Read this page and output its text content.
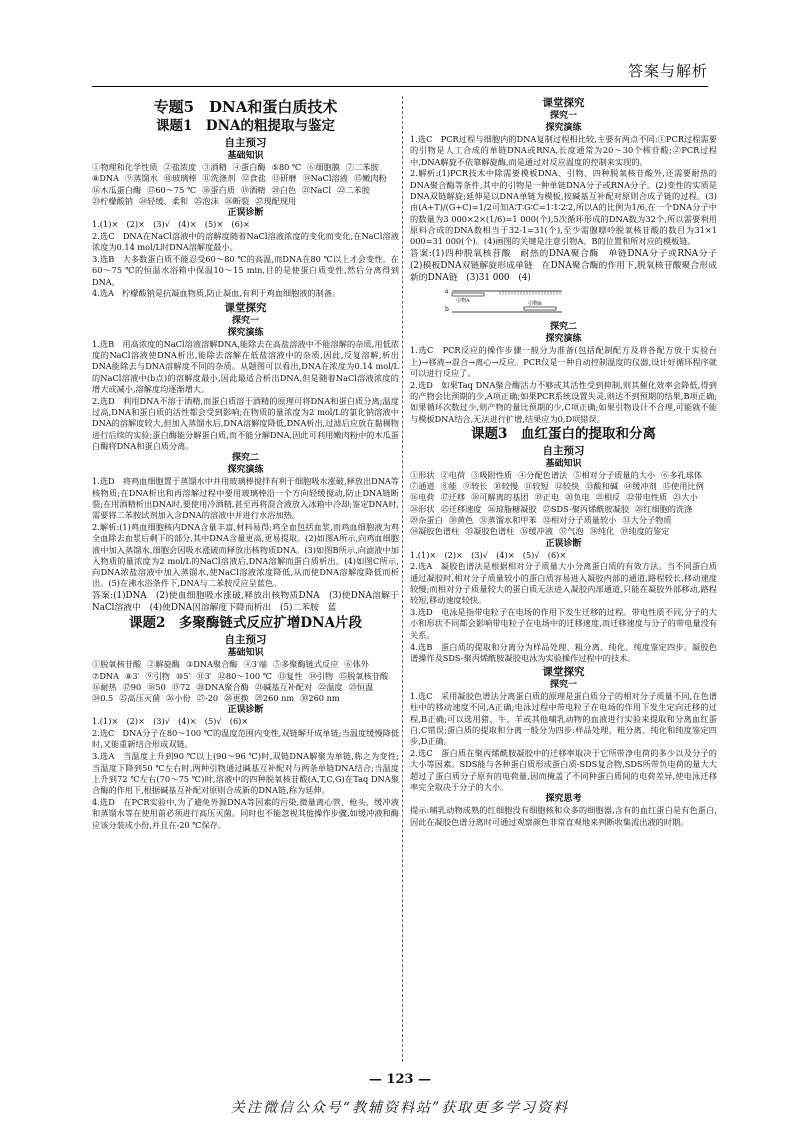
答案与解析
专题5　DNA和蛋白质技术
课题1　DNA的粗提取与鉴定
自主预习
基础知识
①物理和化学性质 ②盐浓度 ③酒精 ④蛋白酶 ⑤80 ℃ ⑥细胞膜 ⑦二苯胺
⑧DNA ⑨蒸馏水 ⑩玻璃棒 ⑪洗涤剂 ⑫食盐 ⑬研磨 ⑭NaCl溶液 ⑮嫩肉粉
⑯木瓜蛋白酶 ⑰60～75 ℃ ⑱蛋白质 ⑲酒精 ⑳白色 ㉑NaCl ㉒二苯胺
㉓柠檬酸钠 ㉔轻缓、柔和 ㉕泡沫 ㉖断裂 ㉗现配现用
正误诊断

1.(1)×　(2)×　(3)√　(4)×　(5)×　(6)×

2.选C　DNA在NaCl溶液中的溶解度随着NaCl溶液浓度的变化而变化,在NaCl溶液浓度为0.14 mol/L时DNA溶解度最小。

3.选B　大多数蛋白质不能忍受60～80 ℃的高温,而DNA在80 ℃以上才会变性。在60～75 ℃的恒温水浴箱中保温10～15 min,目的是使蛋白质变性,然后分离得到DNA。

4.选A　柠檬酸钠是抗凝血物质,防止凝血,有利于鸡血细胞液的制备。

课堂探究
探究一
探究演练

1.选B　用高浓度的NaCl溶液溶解DNA,能除去在高盐溶液中不能溶解的杂质,用低浓度的NaCl溶液使DNA析出,能除去溶解在低盐溶液中的杂质,因此,反复溶解,析出DNA能除去与DNA溶解度不同的杂质。从题图可以看出,DNA在浓度为0.14 mol/L的NaCl溶液中(b点)的溶解度最小,因此最适合析出DNA,但是随着NaCl溶液浓度的增大或减小,溶解度均逐渐增大。

2.选D　利用DNA不溶于酒精,而蛋白质溶于酒精的原理可将DNA和蛋白质分离;温度过高,DNA和蛋白质的活性都会受到影响;在物质的量浓度为2 mol/L的氯化钠溶液中DNA的溶解度较大,但加入蒸馏水后,DNA溶解度降低,DNA析出,过滤后应放在黏稠物进行后续的实验;蛋白酶能分解蛋白质,而不能分解DNA,因此可利用嫩肉粉中的木瓜蛋白酶将DNA和蛋白质分离。

探究二
探究演练

1.选D　将鸡血细胞置于蒸馏水中并用玻璃棒搅拌有利于细胞吸水涨破,释放出DNA等核物质;在DNA析出和再溶解过程中要用玻璃棒沿一个方向轻缓搅动,防止DNA链断裂;在用酒精析出DNA时,要使用冷酒精,甚至再将混合液放入冰箱中冷却;鉴定DNA时,需要将二苯胺试剂加入含DNA的溶液中并进行水浴加热。

2.解析:(1)鸡血细胞核内DNA含量丰富,材料易得;鸡全血包括血浆,而鸡血细胞液为鸡全血除去血浆后剩下的部分,其中DNA含量更高,更易提取。(2)如图A所示,向鸡血细胞液中加入蒸馏水,细胞会因吸水涨破而释放出核物质DNA。(3)如图B所示,向滤液中加入物质的量浓度为2 mol/L的NaCl溶液后,DNA溶解而蛋白质析出。(4)如图C所示,向DNA浓盐溶液中加入蒸馏水,使NaCl溶液浓度降低,从而使DNA溶解度降低而析出。(5)在沸水浴条件下,DNA与二苯胺反应呈蓝色。

答案:(1)DNA　(2)使血细胞吸水涨破,释放出核物质DNA　(3)使DNA溶解于NaCl溶液中　(4)使DNA因溶解度下降而析出　(5)二苯胺　蓝

课题2　多聚酶链式反应扩增DNA片段
自主预习
基础知识
①脱氧核苷酸 ②解旋酶 ③DNA聚合酶 ④3′端 ⑤多聚酶链式反应 ⑥体外
⑦DNA ⑧3′ ⑨引物 ⑩5′ ⑪3′ ⑫80～100 ℃ ⑬复性 ⑭引物 ⑮脱氧核苷酸
⑯耐热 ⑰90 ⑱50 ⑲72 ⑳DNA聚合酶 ㉑碱基互补配对 ㉒温度 ㉓恒温
㉔0.5 ㉕高压灭菌 ㉖小份 ㉗-20 ㉘更换 ㉙260 nm ㉚260 nm
正误诊断

1.(1)×　(2)×　(3)√　(4)×　(5)√　(6)×

2.选C　DNA分子在80～100 ℃的温度范围内变性,双链解开成单链;当温度缓慢降低时,又能重新结合形成双链。

3.选A　当温度上升到90 ℃以上(90～96 ℃)时,双链DNA解聚为单链,称之为变性;当温度下降到50 ℃左右时,两种引物通过碱基互补配对与两条单链DNA结合;当温度上升到72 ℃左右(70～75 ℃)时,溶液中的四种脱氧核苷酸(A,T,C,G)在Taq DNA聚合酶的作用下,根据碱基互补配对原则合成新的DNA链,称为延伸。

4.选D　在PCR实验中,为了避免外源DNA等因素的污染,微量离心管、枪头、缓冲液和蒸馏水等在使用前必须进行高压灭菌。同时也不能忽视其他操作步骤,如缓冲液和酶应该分装成小份,并且在-20 ℃保存。

课堂探究
探究一
探究演练

1.选C　PCR过程与细胞内的DNA复制过程相比较,主要有两点不同:①PCR过程需要的引物是人工合成的单链DNA或RNA,长度通常为20～30个核苷酸;②PCR过程中,DNA解旋不依靠解旋酶,而是通过对反应温度的控制来实现的。

2.解析:(1)PCR技术中除需要模板DNA、引物、四种脱氧核苷酸外,还需要耐热的DNA聚合酶等条件,其中的引物是一种单链DNA分子或RNA分子。(2)变性的实质是DNA双链解旋;延伸是以DNA单链为模板,按碱基互补配对原则合成子链的过程。(3)由(A+T)/(G+C)=1/2可知A∶T∶G∶C=1∶1∶2∶2,所以A的比例为1/6,在一个DNA分子中的数量为3 000×2×(1/6)=1 000(个),5次循环形成的DNA数为32个,所以需要利用原料合成的DNA数相当于32-1=31(个),至少需腺嘌呤脱氧核苷酸的数目为31×1 000=31 000(个)。(4)画图的关键是注意引物A、B的位置和所对应的模板链。

答案:(1)四种脱氧核苷酸　耐热的DNA聚合酶　单链DNA分子或RNA分子　(2)模板DNA双链解旋形成单链　在DNA聚合酶的作用下,脱氧核苷酸聚合形成新的DNA链　(3)31 000　(4)

a
引物A
b
引物B
探究二
探究演练

1.选C　PCR反应的操作步骤一般分为准备(包括配制配方及将各配方放于实验台上)→移液→混合→离心→反应。PCR仪是一种自动控制温度的仪器,设计好循环程序就可以进行反应了。

2.选D　如果Taq DNA聚合酶活力不够或其活性受到抑制,则其催化效率会降低,得到的产物会比预期的少,A项正确;如果PCR系统设置失灵,则达不到预期的结果,B项正确;如果循环次数过少,则产物的量比预期的少,C项正确;如果引物设计不合理,可能就不能与模板DNA结合,无法进行扩增,结果应为0,D项错误。

课题3　血红蛋白的提取和分离
自主预习
基础知识
①形状 ②电荷 ③吸附性质 ④分配色谱法 ⑤相对分子质量的大小 ⑥多孔球体
⑦通道 ⑧能 ⑨较长 ⑩较慢 ⑪较短 ⑫较快 ⑬酸和碱 ⑭缓冲剂 ⑮使用比例
⑯电荷 ⑰迁移 ⑱可解离的基团 ⑲正电 ⑳负电 ㉑相反 ㉒带电性质 ㉓大小
㉔形状 ㉕迁移速度 ㉖琼脂糖凝胶 ㉗SDS-聚丙烯酰胺凝胶 ㉘红细胞的洗涤
㉙杂蛋白 ㉚黄色 ㉛蒸馏水和甲苯 ㉜相对分子质量较小 ㉝大分子物质
㉞凝胶色谱柱 ㉟凝胶色谱柱 ㊱缓冲液 ㊲气泡 ㊳纯化 ㊴纯度的鉴定
正误诊断

1.(1)×　(2)×　(3)√　(4)×　(5)√　(6)×

2.选A　凝胶色谱法是根据相对分子质量大小分离蛋白质的有效方法。当不同蛋白质通过凝胶时,相对分子质量较小的蛋白质容易进入凝胶内部的通道,路程较长,移动速度较慢;而相对分子质量较大的蛋白质无法进入凝胶内部通道,只能在凝胶外部移动,路程较短,移动速度较快。

3.选D　电泳是指带电粒子在电场的作用下发生迁移的过程。带电性质不同,分子的大小和形状不同都会影响带电粒子在电场中的迁移速度,而迁移速度与分子的带电量没有关系。

4.选B　蛋白质的提取和分离分为样品处理、粗分离、纯化、纯度鉴定四步。凝胶色谱操作及SDS-聚丙烯酰胺凝胶电泳为实验操作过程中的技术。

课堂探究
探究一

1.选C　采用凝胶色谱法分离蛋白质的原理是蛋白质分子的相对分子质量不同,在色谱柱中的移动速度不同,A正确;电泳过程中带电粒子在电场的作用下发生定向迁移的过程,B正确;可以选用猪、牛、羊或其他哺乳动物的血液进行实验来提取和分离血红蛋白,C错误;蛋白质的提取和分离一般分为四步:样品处理、粗分离、纯化和纯度鉴定四步,D正确。

2.选C　蛋白质在聚丙烯酰胺凝胶中的迁移率取决于它所带净电荷的多少以及分子的大小等因素。SDS能与各种蛋白质形成蛋白质-SDS复合物,SDS所带负电荷的量大大超过了蛋白质分子原有的电荷量,因而掩盖了不同种蛋白质间的电荷差异,使电泳迁移率完全取决于分子的大小。

探究思考

提示:哺乳动物成熟的红细胞没有细胞核和众多的细胞器,含有的血红蛋白是有色蛋白,因此在凝胶色谱分离时可通过观察颜色非常直观地来判断收集流出液的时期。

— 123 —
关注微信公众号“教辅资料站”获取更多学习资料
